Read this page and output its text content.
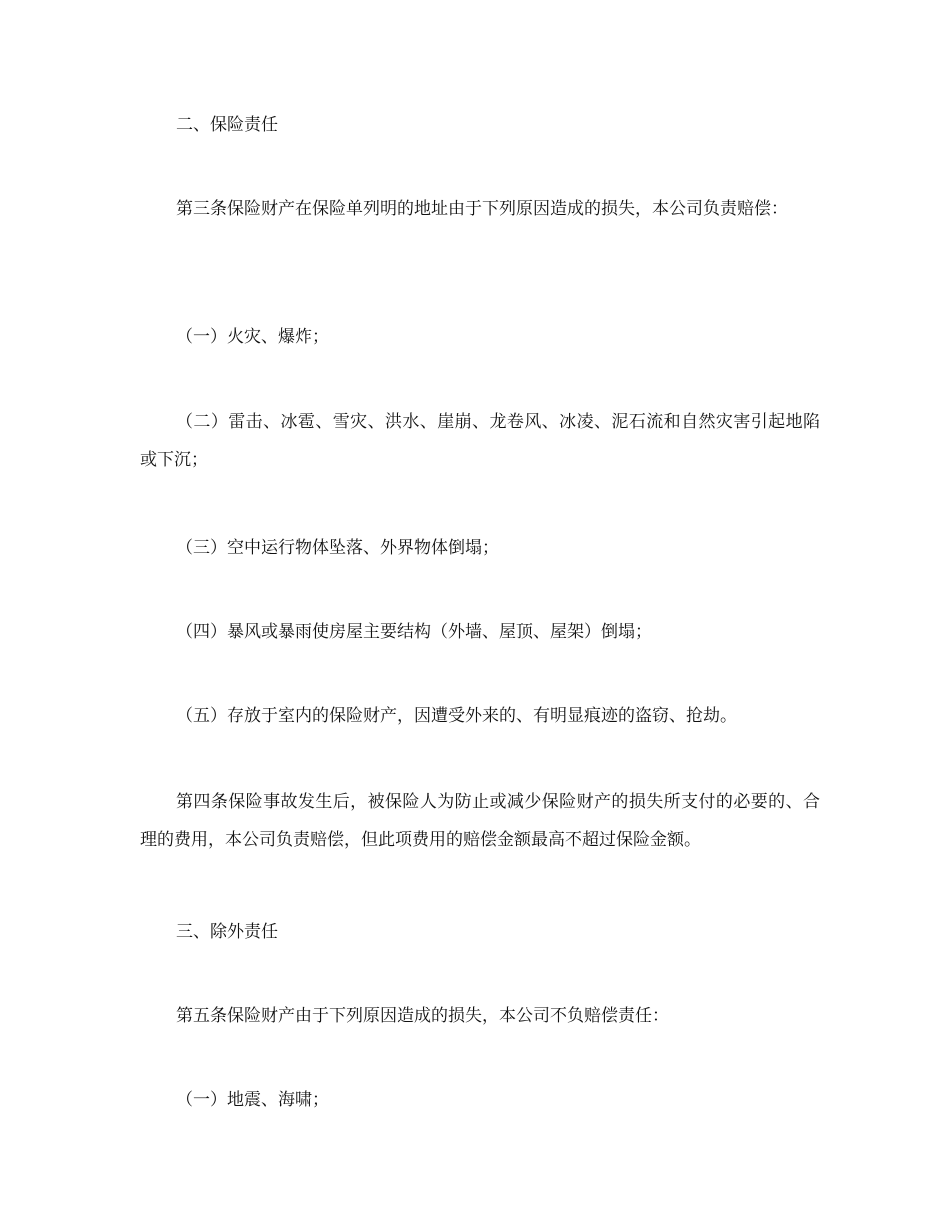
二、保险责任

第三条保险财产在保险单列明的地址由于下列原因造成的损失，本公司负责赔偿：

（一）火灾、爆炸；

（二）雷击、冰雹、雪灾、洪水、崖崩、龙卷风、冰凌、泥石流和自然灾害引起地陷或下沉；

（三）空中运行物体坠落、外界物体倒塌；

（四）暴风或暴雨使房屋主要结构（外墙、屋顶、屋架）倒塌；

（五）存放于室内的保险财产，因遭受外来的、有明显痕迹的盗窃、抢劫。

第四条保险事故发生后，被保险人为防止或减少保险财产的损失所支付的必要的、合理的费用，本公司负责赔偿，但此项费用的赔偿金额最高不超过保险金额。

三、除外责任

第五条保险财产由于下列原因造成的损失，本公司不负赔偿责任：

（一）地震、海啸；
